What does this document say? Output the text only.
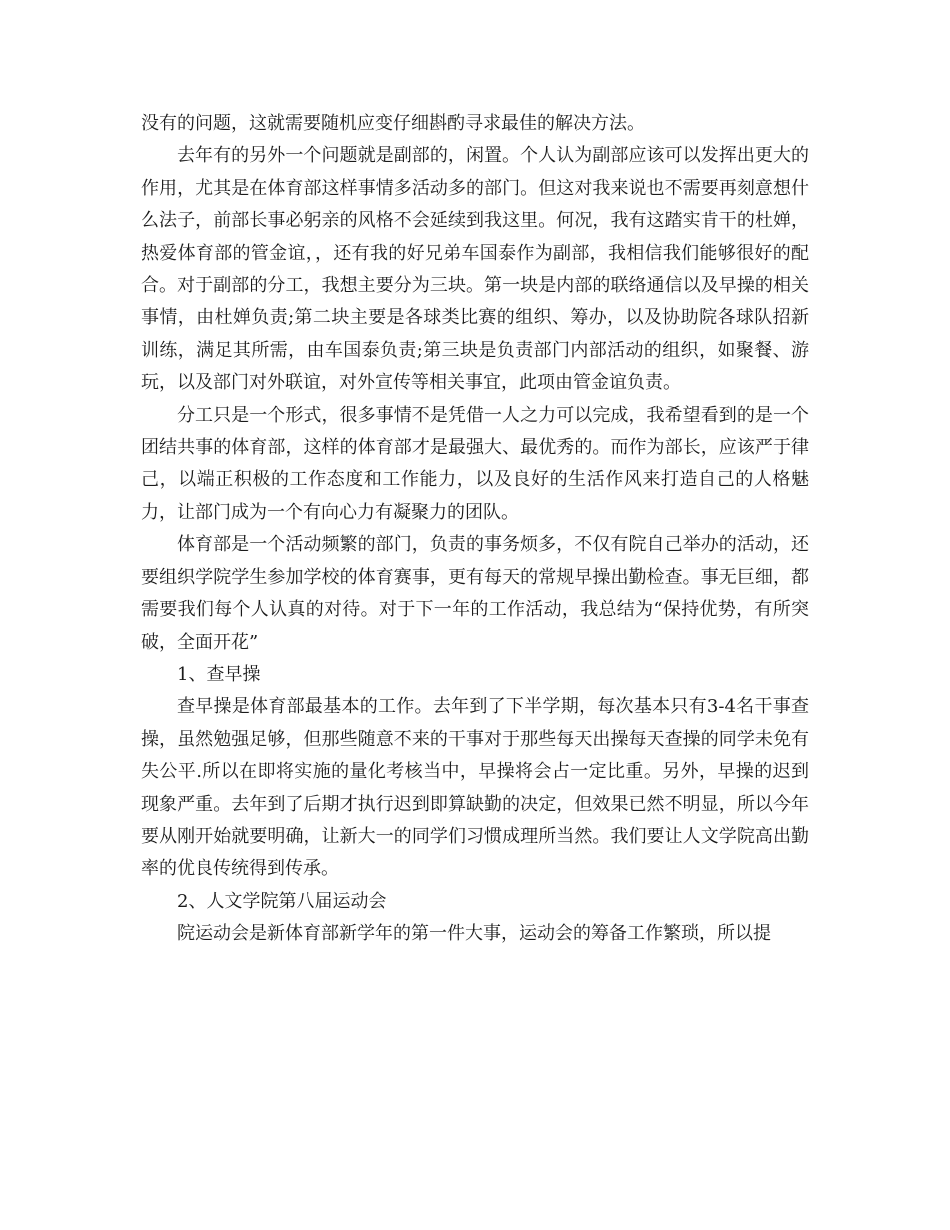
没有的问题，这就需要随机应变仔细斟酌寻求最佳的解决方法。

去年有的另外一个问题就是副部的，闲置。个人认为副部应该可以发挥出更大的作用，尤其是在体育部这样事情多活动多的部门。但这对我来说也不需要再刻意想什么法子，前部长事必躬亲的风格不会延续到我这里。何况，我有这踏实肯干的杜婵，热爱体育部的管金谊，，还有我的好兄弟车国泰作为副部，我相信我们能够很好的配合。对于副部的分工，我想主要分为三块。第一块是内部的联络通信以及早操的相关事情，由杜婵负责;第二块主要是各球类比赛的组织、筹办，以及协助院各球队招新训练，满足其所需，由车国泰负责;第三块是负责部门内部活动的组织，如聚餐、游玩，以及部门对外联谊，对外宣传等相关事宜，此项由管金谊负责。

分工只是一个形式，很多事情不是凭借一人之力可以完成，我希望看到的是一个团结共事的体育部，这样的体育部才是最强大、最优秀的。而作为部长，应该严于律己，以端正积极的工作态度和工作能力，以及良好的生活作风来打造自己的人格魅力，让部门成为一个有向心力有凝聚力的团队。

体育部是一个活动频繁的部门，负责的事务烦多，不仅有院自己举办的活动，还要组织学院学生参加学校的体育赛事，更有每天的常规早操出勤检查。事无巨细，都需要我们每个人认真的对待。对于下一年的工作活动，我总结为“保持优势，有所突破，全面开花”

1、查早操

查早操是体育部最基本的工作。去年到了下半学期，每次基本只有3-4名干事查操，虽然勉强足够，但那些随意不来的干事对于那些每天出操每天查操的同学未免有失公平.所以在即将实施的量化考核当中，早操将会占一定比重。另外，早操的迟到现象严重。去年到了后期才执行迟到即算缺勤的决定，但效果已然不明显，所以今年要从刚开始就要明确，让新大一的同学们习惯成理所当然。我们要让人文学院高出勤率的优良传统得到传承。

2、人文学院第八届运动会

院运动会是新体育部新学年的第一件大事，运动会的筹备工作繁琐，所以提
